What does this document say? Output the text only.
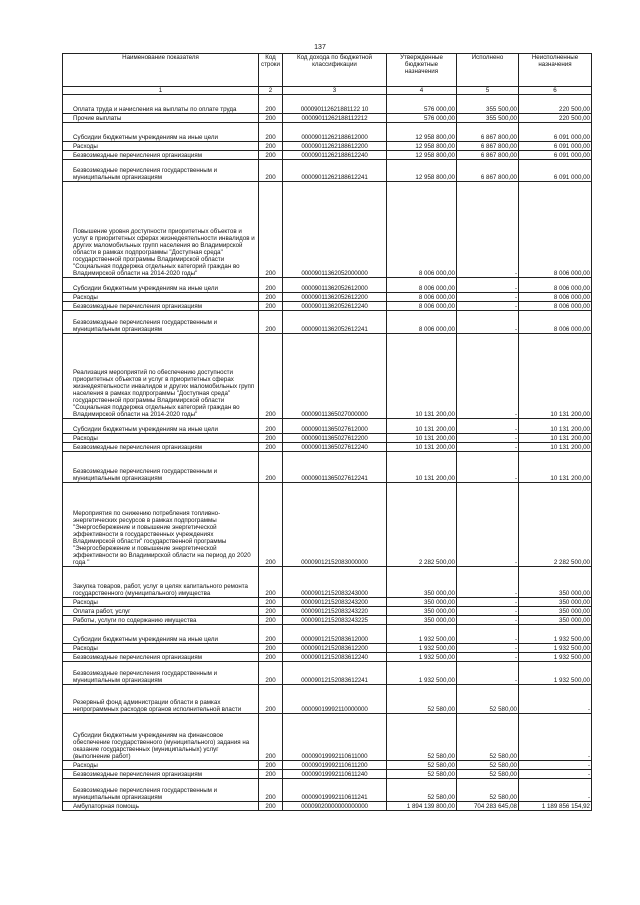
137
Наименование показателя	Код строки	Код дохода по бюджетной классификации	Утвержденные бюджетные назначения	Исполнено	Неисполненные назначения
1	2	3	4	5	6
Оплата труда и начисления на выплаты по оплате труда	200	000090112621881122 10	576 000,00	355 500,00	220 500,00
Прочие выплаты	200	00009011262188112212	576 000,00	355 500,00	220 500,00
Субсидии бюджетным учреждениям на иные цели	200	00009011262188612000	12 958 800,00	6 867 800,00	6 091 000,00
Расходы	200	00009011262188612200	12 958 800,00	6 867 800,00	6 091 000,00
Безвозмездные перечисления организациям	200	00009011262188612240	12 958 800,00	6 867 800,00	6 091 000,00
Безвозмездные перечисления государственным и муниципальным организациям	200	00009011262188612241	12 958 800,00	6 867 800,00	6 091 000,00
Повышение уровня доступности приоритетных объектов и услуг в приоритетных сферах жизнедеятельности инвалидов и других маломобильных групп населения во Владимирской области в рамках подпрограммы "Доступная среда" государственной программы Владимирской области "Социальная поддержка отдельных категорий граждан во Владимирской области на 2014-2020 годы"	200	00009011362052000000	8 006 000,00	-	8 006 000,00
Субсидии бюджетным учреждениям на иные цели	200	00009011362052612000	8 006 000,00	-	8 006 000,00
Расходы	200	00009011362052612200	8 006 000,00	-	8 006 000,00
Безвозмездные перечисления организациям	200	00009011362052612240	8 006 000,00	-	8 006 000,00
Безвозмездные перечисления государственным и муниципальным организациям	200	00009011362052612241	8 006 000,00	-	8 006 000,00
Реализация мероприятий по обеспечению доступности приоритетных объектов и услуг в приоритетных сферах жизнедеятельности инвалидов и других маломобильных групп населения в рамках подпрограммы "Доступная среда" государственной программы Владимирской области "Социальная поддержка отдельных категорий граждан во Владимирской области на 2014-2020 годы"	200	00009011365027000000	10 131 200,00	-	10 131 200,00
Субсидии бюджетным учреждениям на иные цели	200	00009011365027612000	10 131 200,00	-	10 131 200,00
Расходы	200	00009011365027612200	10 131 200,00	-	10 131 200,00
Безвозмездные перечисления организациям	200	00009011365027612240	10 131 200,00	-	10 131 200,00
Безвозмездные перечисления государственным и муниципальным организациям	200	00009011365027612241	10 131 200,00	-	10 131 200,00
Мероприятия по снижению потребления топливно-энергетических ресурсов в рамках подпрограммы "Энергосбережение и повышение энергетической эффективности в государственных учреждениях Владимирской области" государственной программы "Энергосбережение и повышение энергетической эффективности во Владимирской области на период до 2020 года "	200	00009012152083000000	2 282 500,00	-	2 282 500,00
Закупка товаров, работ, услуг в целях капитального ремонта государственного (муниципального) имущества	200	00009012152083243000	350 000,00	-	350 000,00
Расходы	200	00009012152083243200	350 000,00	-	350 000,00
Оплата работ, услуг	200	00009012152083243220	350 000,00	-	350 000,00
Работы, услуги по содержанию имущества	200	00009012152083243225	350 000,00	-	350 000,00
Субсидии бюджетным учреждениям на иные цели	200	00009012152083612000	1 932 500,00	-	1 932 500,00
Расходы	200	00009012152083612200	1 932 500,00	-	1 932 500,00
Безвозмездные перечисления организациям	200	00009012152083612240	1 932 500,00	-	1 932 500,00
Безвозмездные перечисления государственным и муниципальным организациям	200	00009012152083612241	1 932 500,00	-	1 932 500,00
Резервный фонд администрации области в рамках непрограммных расходов органов исполнительной власти	200	00009019992110000000	52 580,00	52 580,00	-
Субсидии бюджетным учреждениям на финансовое обеспечение государственного (муниципального) задания на оказание государственных (муниципальных) услуг (выполнение работ)	200	00009019992110611000	52 580,00	52 580,00	-
Расходы	200	00009019992110611200	52 580,00	52 580,00	-
Безвозмездные перечисления организациям	200	00009019992110611240	52 580,00	52 580,00	-
Безвозмездные перечисления государственным и муниципальным организациям	200	00009019992110611241	52 580,00	52 580,00	-
Амбулаторная помощь	200	00009020000000000000	1 894 139 800,00	704 283 645,08	1 189 856 154,92
